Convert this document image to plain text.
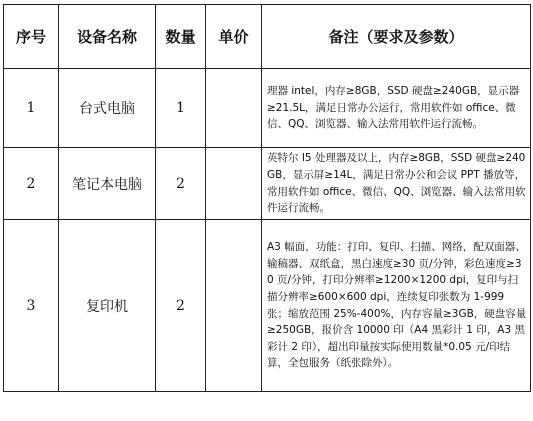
序号	设备名称	数量	单价	备注（要求及参数）
1	台式电脑	1		理器 intel，内存≥8GB，SSD 硬盘≥240GB，显示器≥21.5L，满足日常办公运行，常用软件如 office、微信、QQ、浏览器、输入法常用软件运行流畅。
2	笔记本电脑	2		英特尔 I5 处理器及以上，内存≥8GB，SSD 硬盘≥240GB，显示屏≥14L，满足日常办公和会议 PPT 播放等，常用软件如 office、微信、QQ、浏览器、输入法常用软件运行流畅。
3	复印机	2		A3 幅面，功能：打印、复印、扫描、网络，配双面器、输稿器、双纸盒，黑白速度≥30 页/分钟，彩色速度≥30 页/分钟，打印分辨率≥1200×1200 dpi，复印与扫描分辨率≥600×600 dpi，连续复印张数为 1-999 张；缩放范围 25%-400%，内存容量≥3GB，硬盘容量≥250GB，报价含 10000 印（A4 黑彩计 1 印，A3 黑彩计 2 印），超出印量按实际使用数量*0.05 元/印结算，全包服务（纸张除外）。
